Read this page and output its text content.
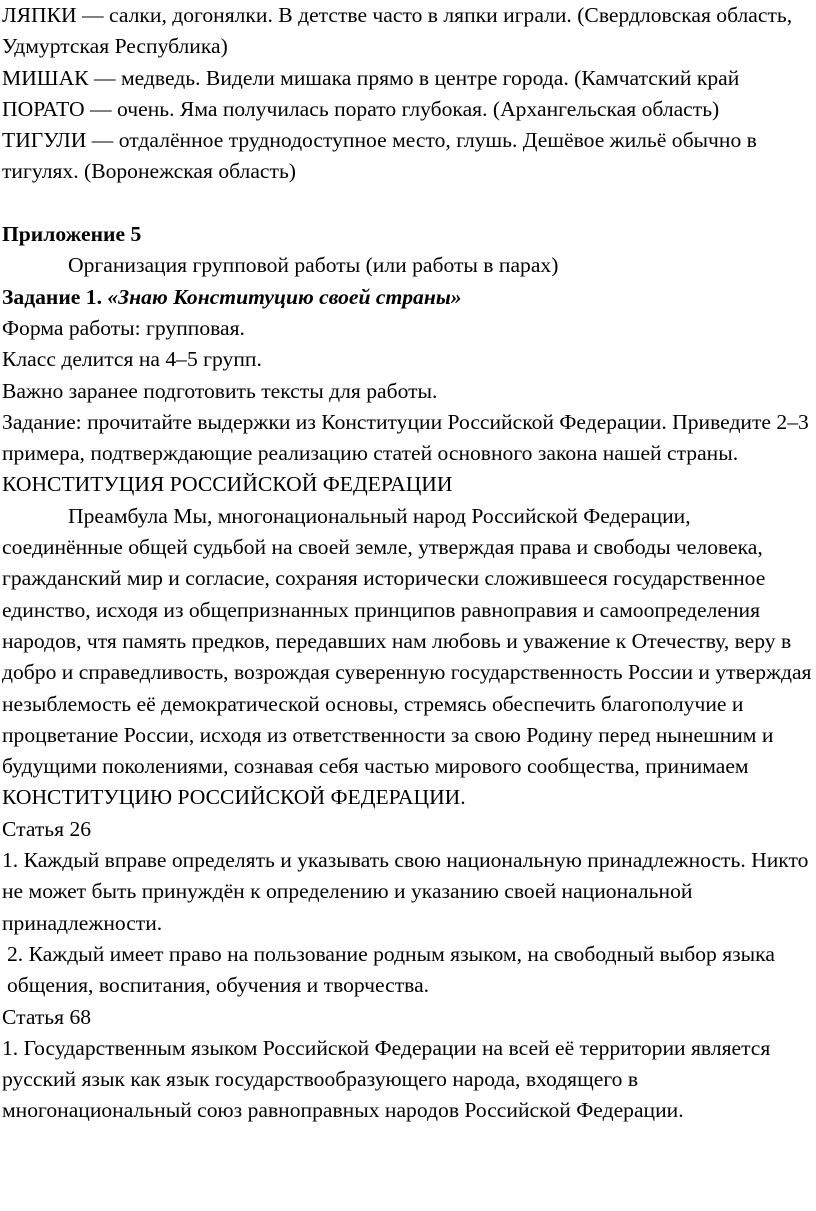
ЛЯПКИ — салки, догонялки. В детстве часто в ляпки играли. (Свердловская область, Удмуртская Республика)

МИШАК — медведь. Видели мишака прямо в центре города. (Камчатский край

ПОРАТО — очень. Яма получилась порато глубокая. (Архангельская область)

ТИГУЛИ — отдалённое труднодоступное место, глушь. Дешёвое жильё обычно в тигулях. (Воронежская область)

Приложение 5

Организация групповой работы (или работы в парах)

Задание 1. «Знаю Конституцию своей страны»

Форма работы: групповая.

Класс делится на 4–5 групп.

Важно заранее подготовить тексты для работы.

Задание: прочитайте выдержки из Конституции Российской Федерации. Приведите 2–3 примера, подтверждающие реализацию статей основного закона нашей страны. КОНСТИТУЦИЯ РОССИЙСКОЙ ФЕДЕРАЦИИ

Преамбула Мы, многонациональный народ Российской Федерации, соединённые общей судьбой на своей земле, утверждая права и свободы человека, гражданский мир и согласие, сохраняя исторически сложившееся государственное единство, исходя из общепризнанных принципов равноправия и самоопределения народов, чтя память предков, передавших нам любовь и уважение к Отечеству, веру в добро и справедливость, возрождая суверенную государственность России и утверждая незыблемость её демократической основы, стремясь обеспечить благополучие и процветание России, исходя из ответственности за свою Родину перед нынешним и будущими поколениями, сознавая себя частью мирового сообщества, принимаем КОНСТИТУЦИЮ РОССИЙСКОЙ ФЕДЕРАЦИИ.

Статья 26

1. Каждый вправе определять и указывать свою национальную принадлежность. Никто не может быть принуждён к определению и указанию своей национальной принадлежности.

2. Каждый имеет право на пользование родным языком, на свободный выбор языка общения, воспитания, обучения и творчества.

Статья 68

1. Государственным языком Российской Федерации на всей её территории является русский язык как язык государствообразующего народа, входящего в многонациональный союз равноправных народов Российской Федерации.
